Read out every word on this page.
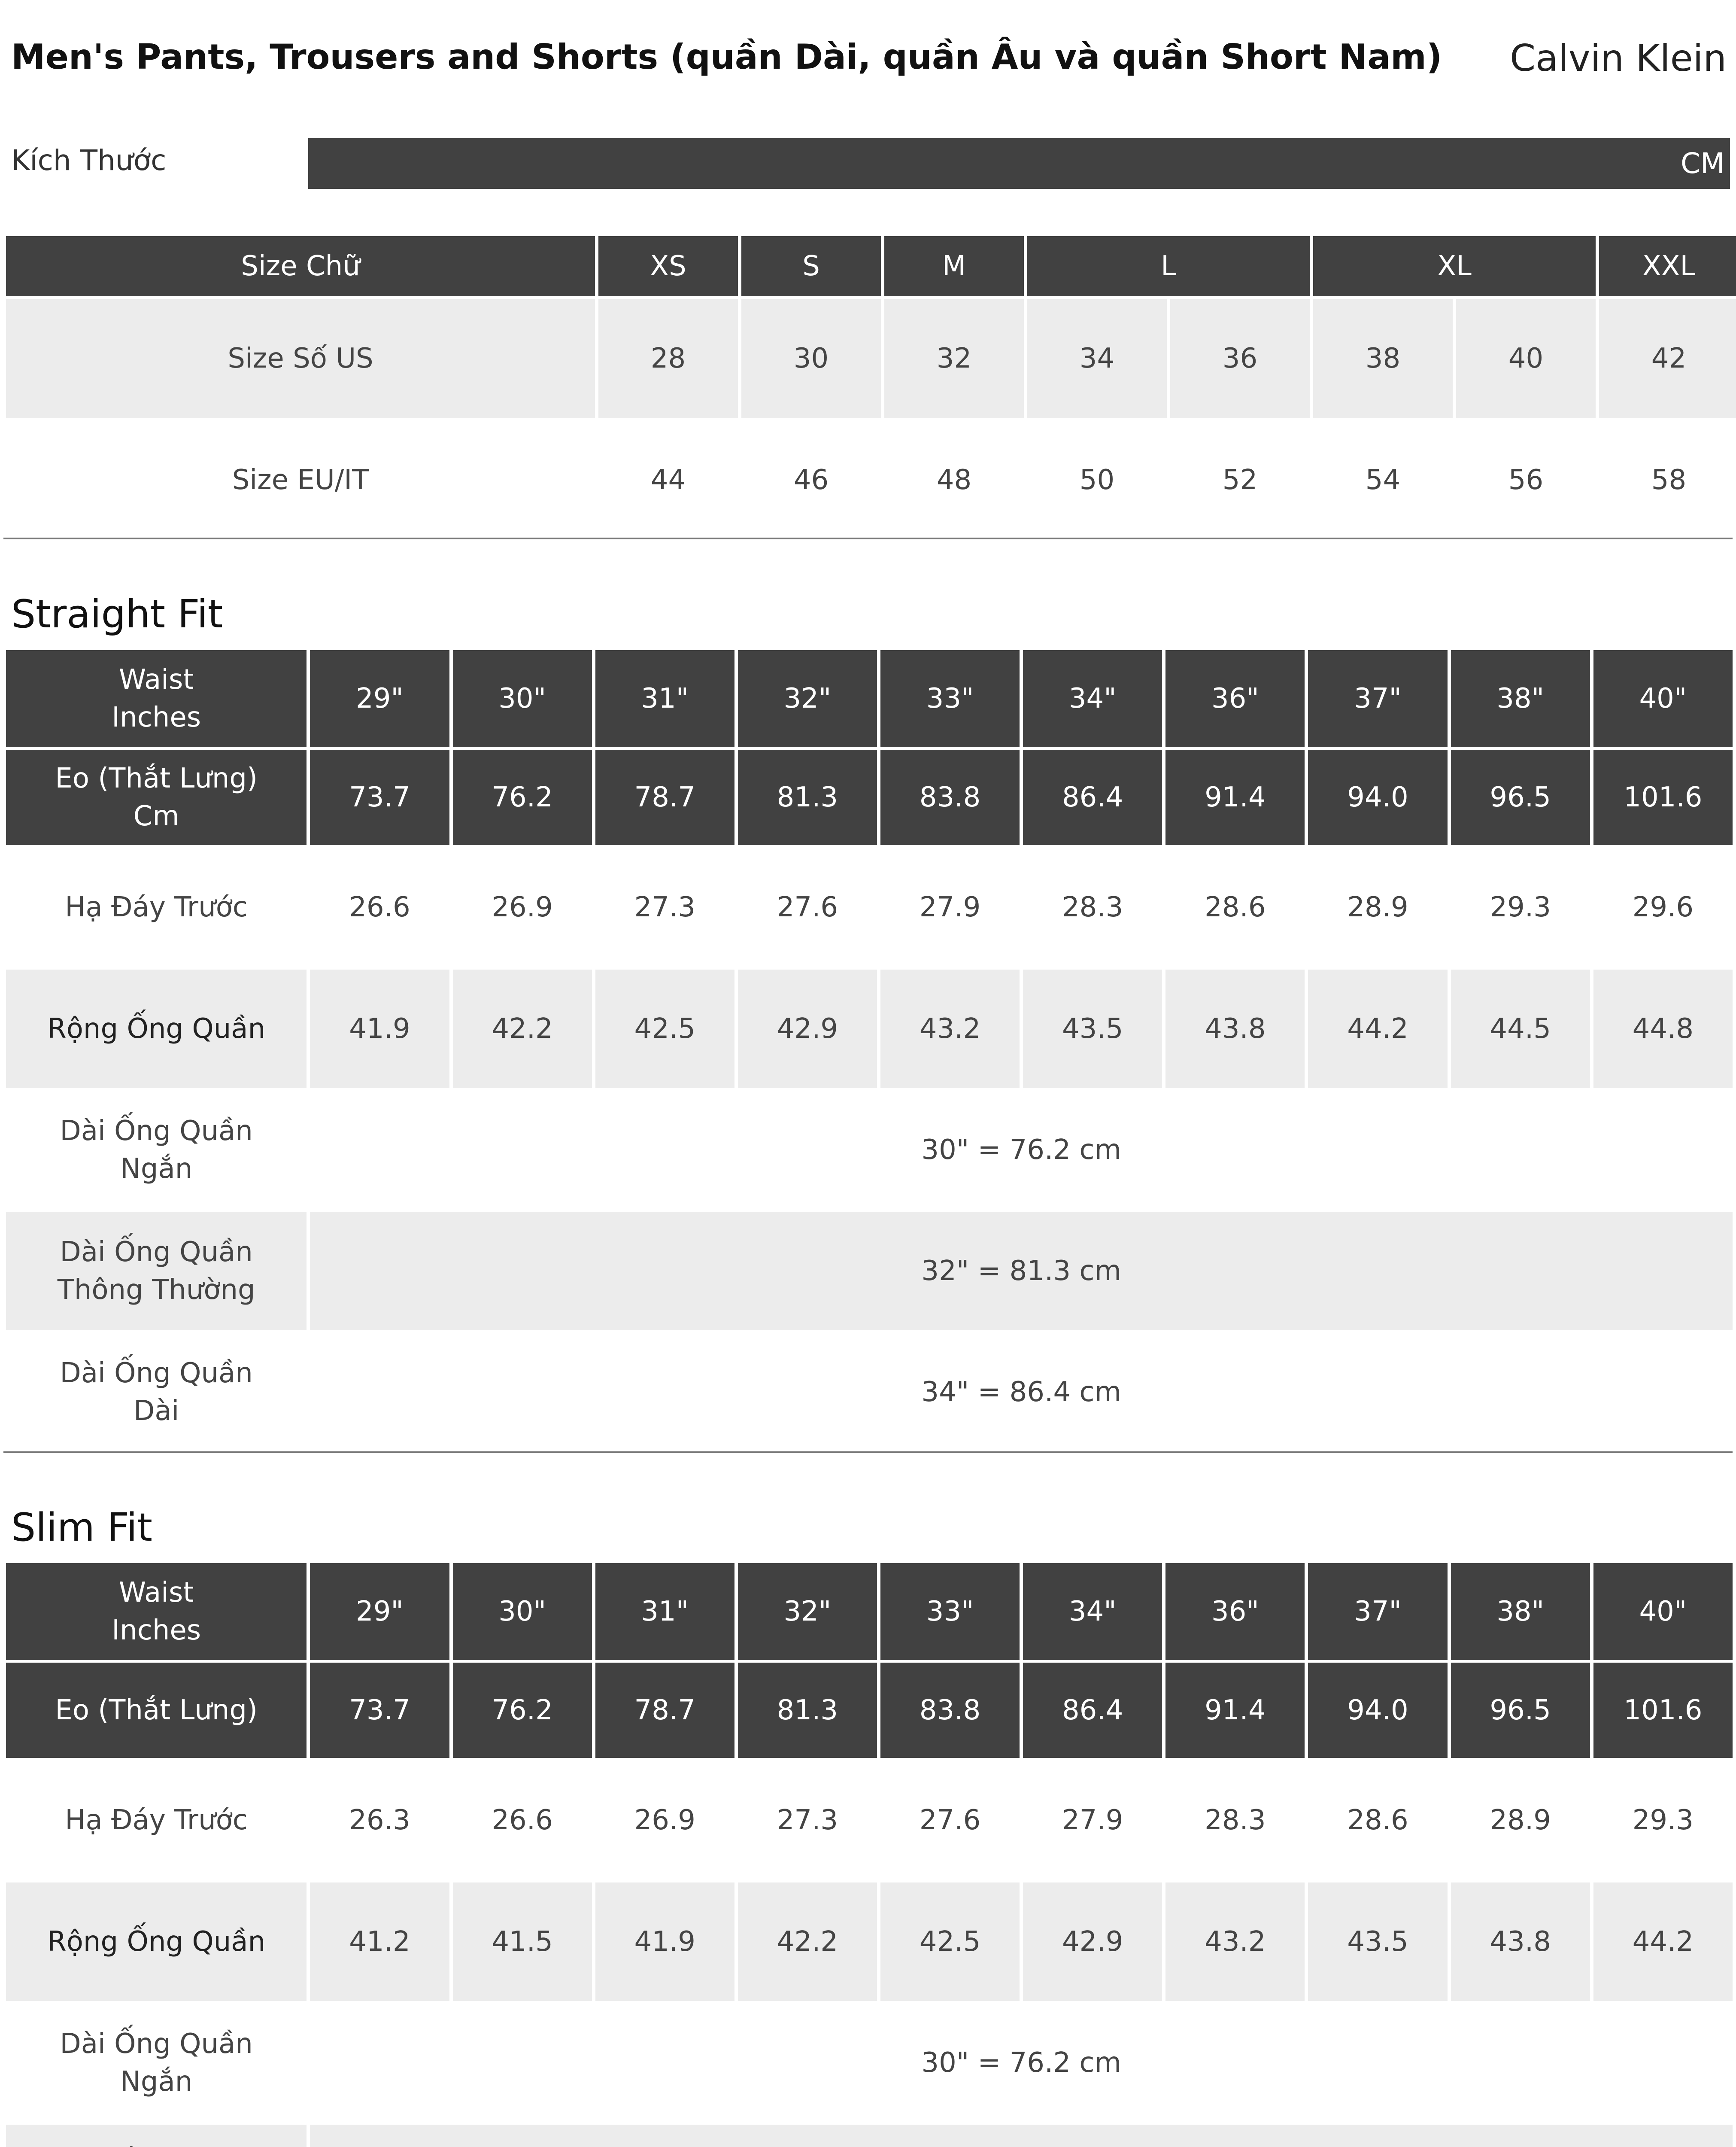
Men's Pants, Trousers and Shorts (quần Dài, quần Âu và quần Short Nam) Calvin Klein
Kích Thước	CM
Size Chữ	XS	S	M	L		XL		XXL
Size Số US	28	30	32	34	36	38	40	42
Size EU/IT	44	46	48	50	52	54	56	58
Straight Fit
Waist
Inches	29"	30"	31"	32"	33"	34"	36"	37"	38"	40"

Eo (Thắt Lưng)
Cm	73.7	76.2	78.7	81.3	83.8	86.4	91.4	94.0	96.5	101.6
Hạ Đáy Trước	26.6	26.9	27.3	27.6	27.9	28.3	28.6	28.9	29.3	29.6
Rộng Ống Quần	41.9	42.2	42.5	42.9	43.2	43.5	43.8	44.2	44.5	44.8

Dài Ống Quần
Ngắn	30" = 76.2 cm									

Dài Ống Quần
Thông Thường	32" = 81.3 cm									

Dài Ống Quần
Dài	34" = 86.4 cm									
Slim Fit
Waist
Inches	29"	30"	31"	32"	33"	34"	36"	37"	38"	40"
Eo (Thắt Lưng)	73.7	76.2	78.7	81.3	83.8	86.4	91.4	94.0	96.5	101.6
Hạ Đáy Trước	26.3	26.6	26.9	27.3	27.6	27.9	28.3	28.6	28.9	29.3
Rộng Ống Quần	41.2	41.5	41.9	42.2	42.5	42.9	43.2	43.5	43.8	44.2

Dài Ống Quần
Ngắn	30" = 76.2 cm									
